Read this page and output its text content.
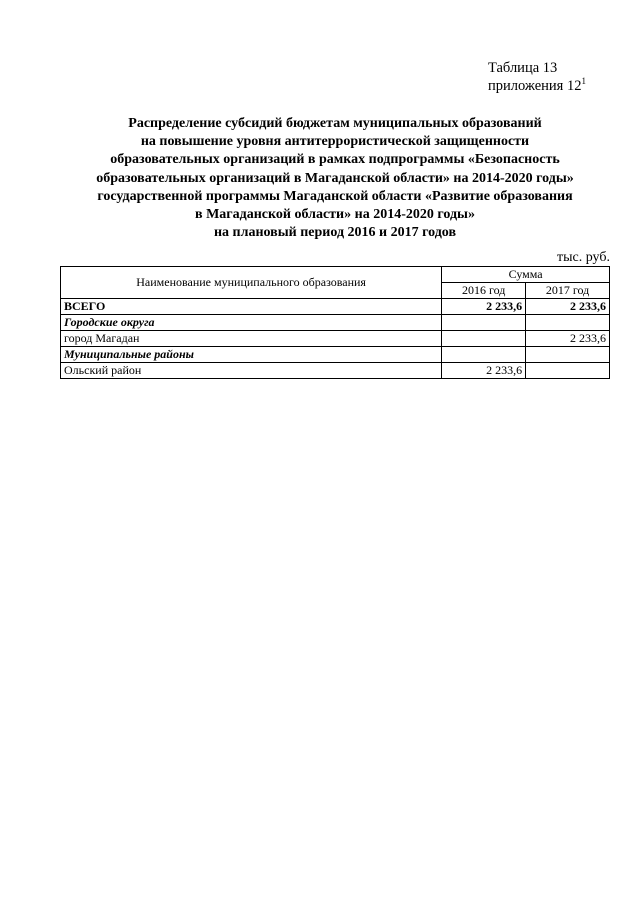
Таблица 13
приложения $12^1$
Распределение субсидий бюджетам муниципальных образований
на повышение уровня антитеррористической защищенности
образовательных организаций в рамках подпрограммы «Безопасность
образовательных организаций в Магаданской области» на 2014-2020 годы»
государственной программы Магаданской области «Развитие образования
в Магаданской области» на 2014-2020 годы»
на плановый период 2016 и 2017 годов
тыс. руб.
Наименование муниципального образования	Сумма	
	2016 год	2017 год
ВСЕГО	2 233,6	2 233,6
Городские округа		
город Магадан		2 233,6
Муниципальные районы		
Ольский район	2 233,6	
